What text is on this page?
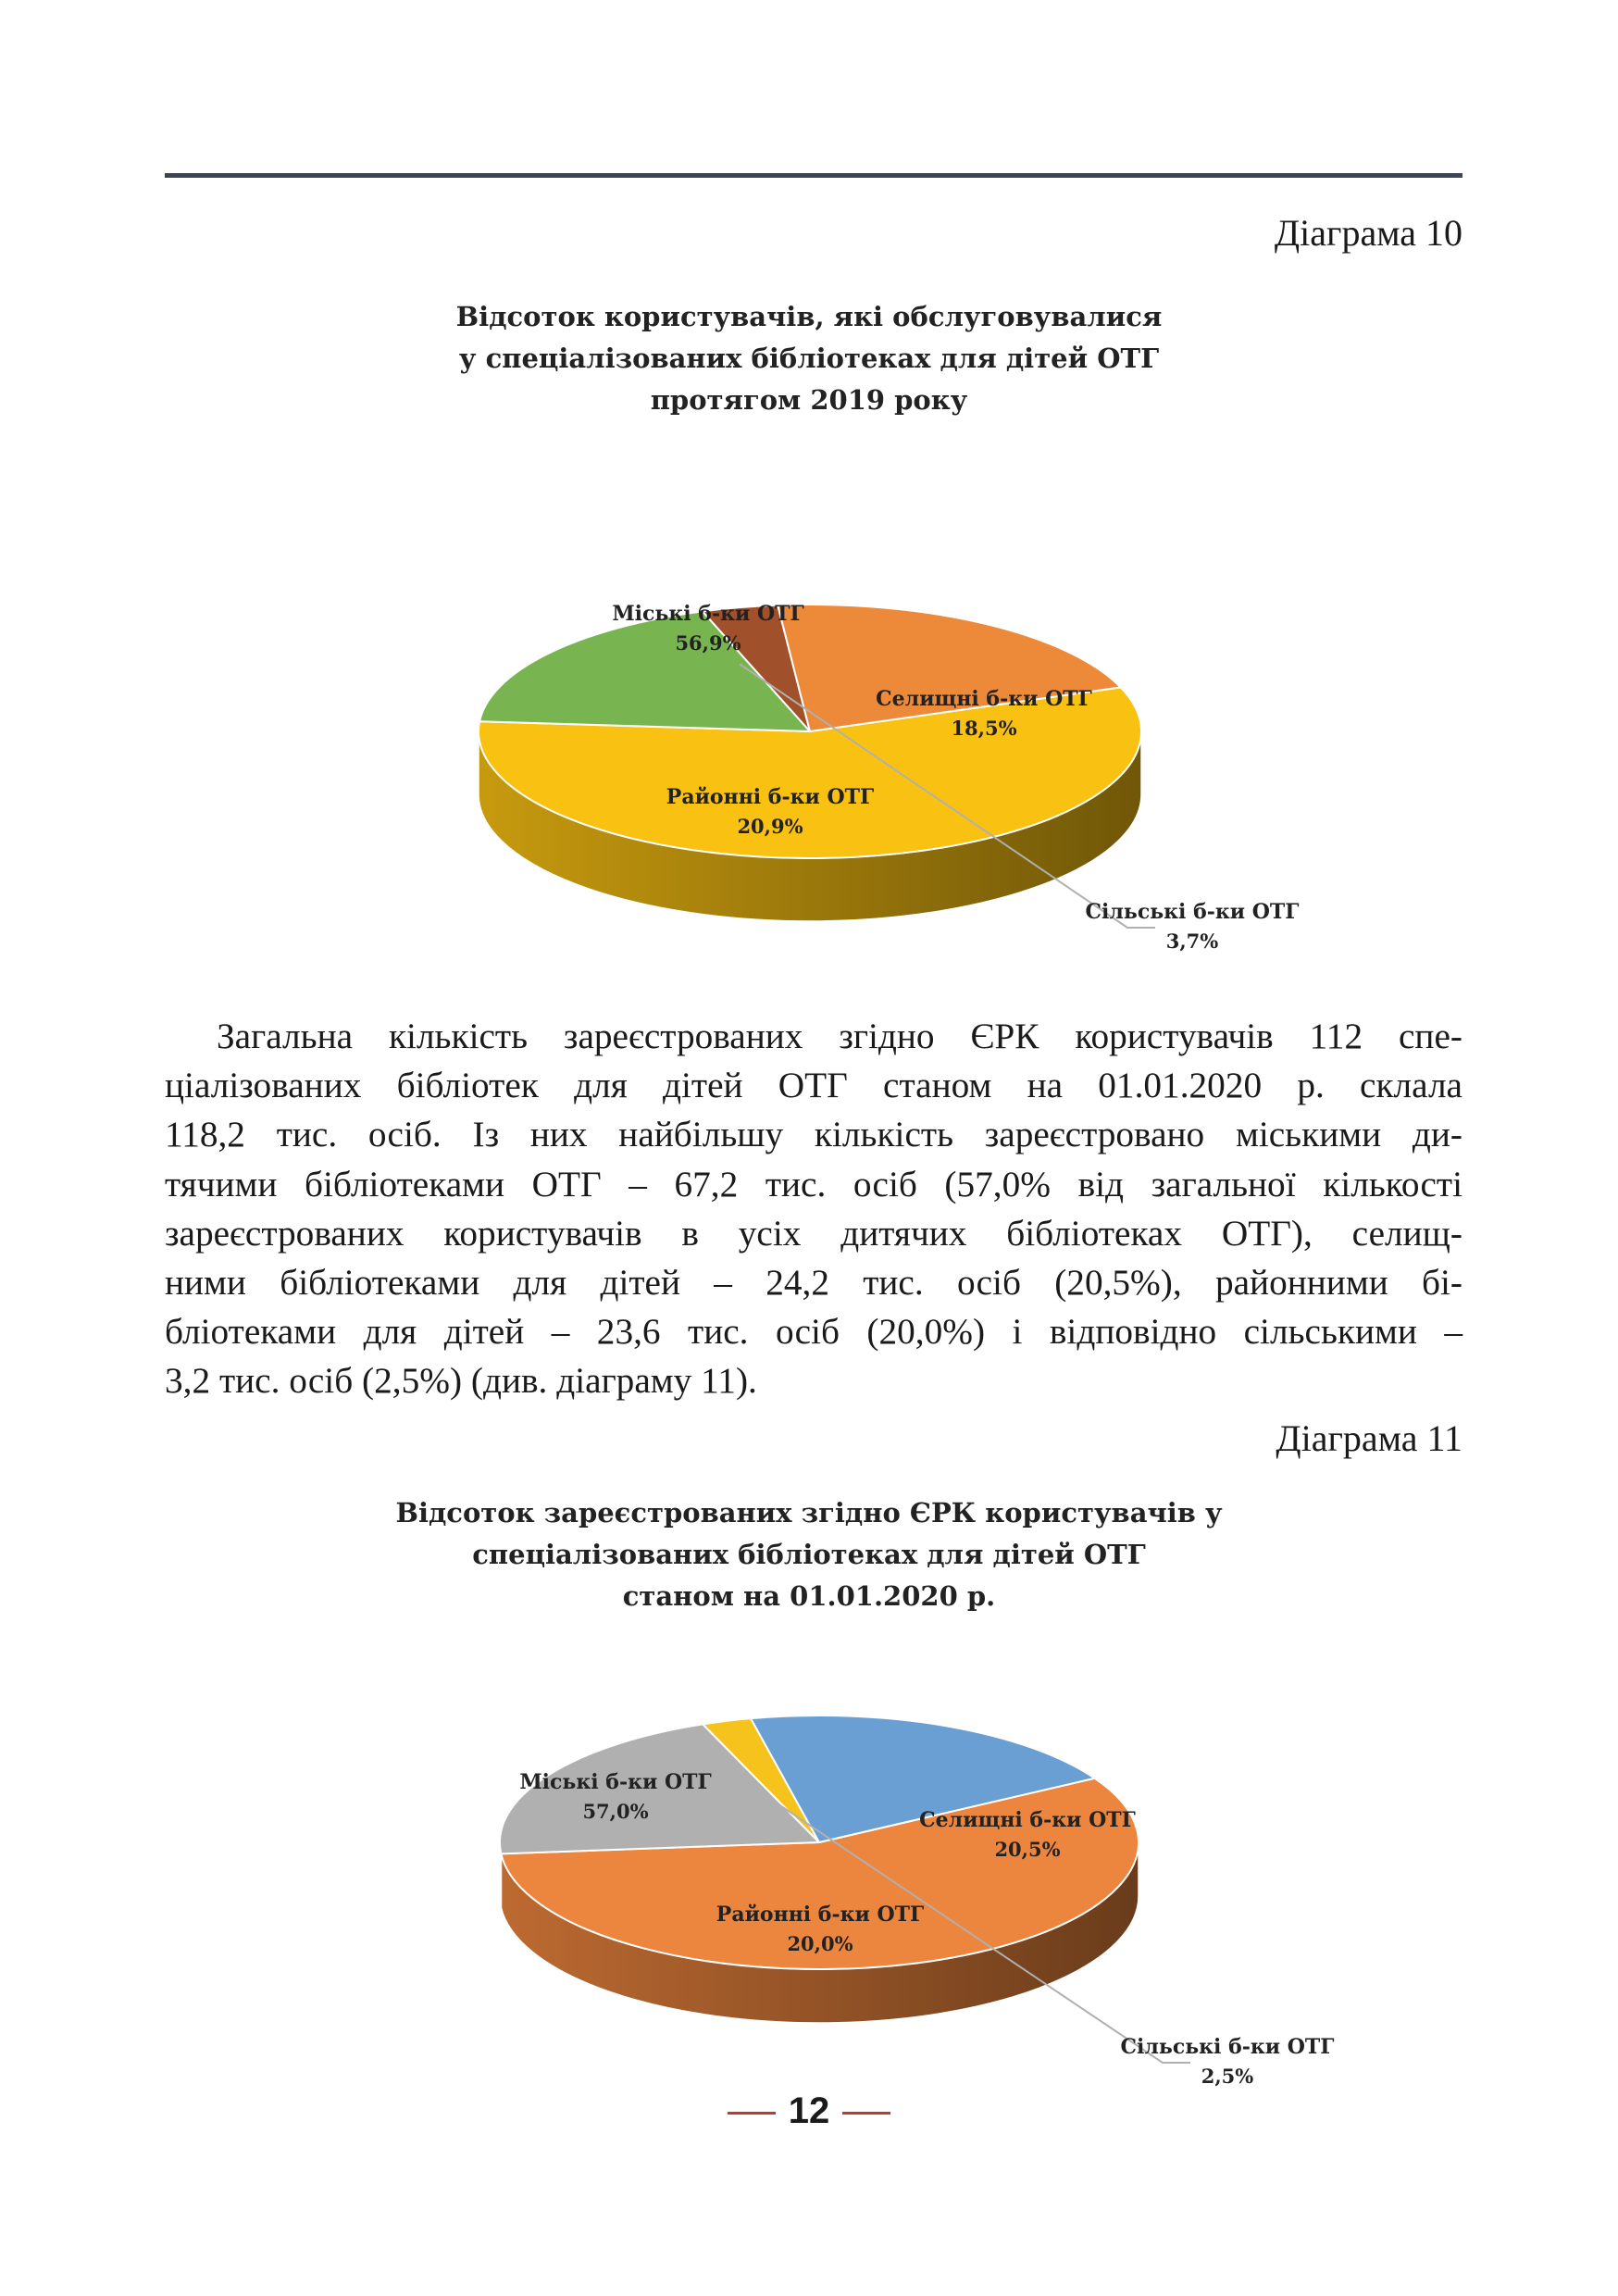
Діаграма 10
Відсоток користувачів, які обслуговувалися
у спеціалізованих бібліотеках для дітей ОТГ
протягом 2019 року
Міські б-ки ОТГ
56,9%
Селищні б-ки ОТГ
18,5%
Сільські б-ки ОТГ
3,7%
Районні б-ки ОТГ
20,9%
Загальна кількість зареєстрованих згідно ЄРК користувачів 112 спе-
ціалізованих бібліотек для дітей ОТГ станом на 01.01.2020 р. склала
118,2 тис. осіб. Із них найбільшу кількість зареєстровано міськими ди-
тячими бібліотеками ОТГ – 67,2 тис. осіб (57,0% від загальної кількості
зареєстрованих користувачів в усіх дитячих бібліотеках ОТГ), селищ-
ними бібліотеками для дітей – 24,2 тис. осіб (20,5%), районними бі-
бліотеками для дітей – 23,6 тис. осіб (20,0%) і відповідно сільськими –
3,2 тис. осіб (2,5%) (див. діаграму 11).
Діаграма 11
Відсоток зареєстрованих згідно ЄРК користувачів у
спеціалізованих бібліотеках для дітей ОТГ
станом на 01.01.2020 р.
Міські б-ки ОТГ
57,0%	Селищні б-ки ОТГ
20,5%
Сільські б-ки ОТГ
2,5%
Районні б-ки ОТГ
20,0%
12
